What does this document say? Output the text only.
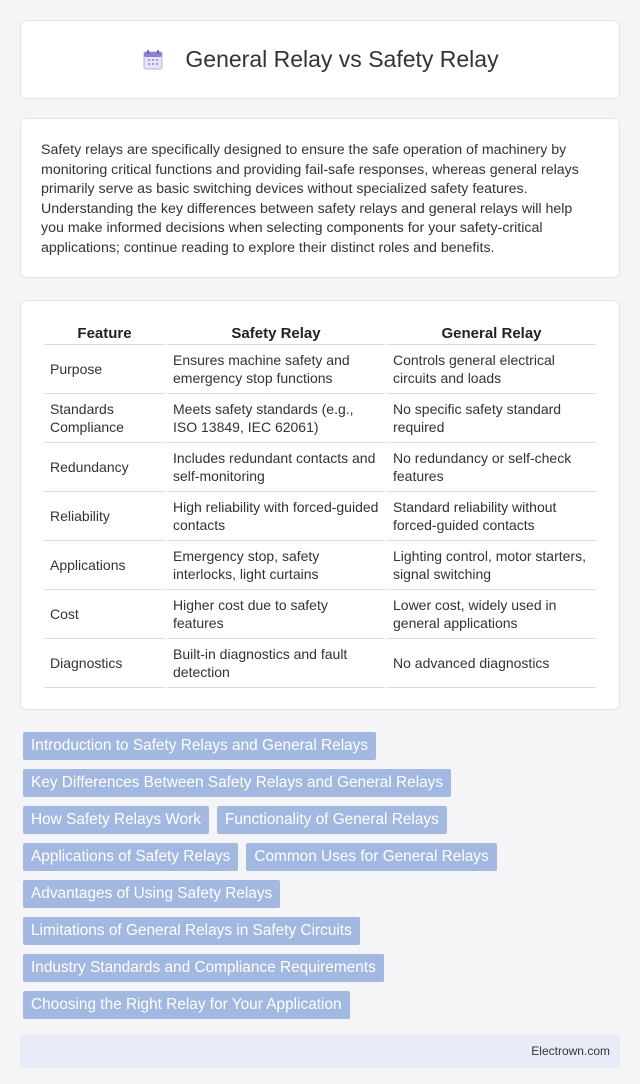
General Relay vs Safety Relay

Safety relays are specifically designed to ensure the safe operation of machinery by monitoring critical functions and providing fail-safe responses, whereas general relays primarily serve as basic switching devices without specialized safety features. Understanding the key differences between safety relays and general relays will help you make informed decisions when selecting components for your safety-critical applications; continue reading to explore their distinct roles and benefits.

Feature	Safety Relay	General Relay
Purpose	Ensures machine safety and emergency stop functions	Controls general electrical circuits and loads
Standards Compliance	Meets safety standards (e.g., ISO 13849, IEC 62061)	No specific safety standard required
Redundancy	Includes redundant contacts and self-monitoring	No redundancy or self-check features
Reliability	High reliability with forced-guided contacts	Standard reliability without forced-guided contacts
Applications	Emergency stop, safety interlocks, light curtains	Lighting control, motor starters, signal switching
Cost	Higher cost due to safety features	Lower cost, widely used in general applications
Diagnostics	Built-in diagnostics and fault detection	No advanced diagnostics
Introduction to Safety Relays and General Relays
Key Differences Between Safety Relays and General Relays
How Safety Relays Work	Functionality of General Relays
Applications of Safety Relays	Common Uses for General Relays
Advantages of Using Safety Relays
Limitations of General Relays in Safety Circuits
Industry Standards and Compliance Requirements
Choosing the Right Relay for Your Application
Electrown.com
